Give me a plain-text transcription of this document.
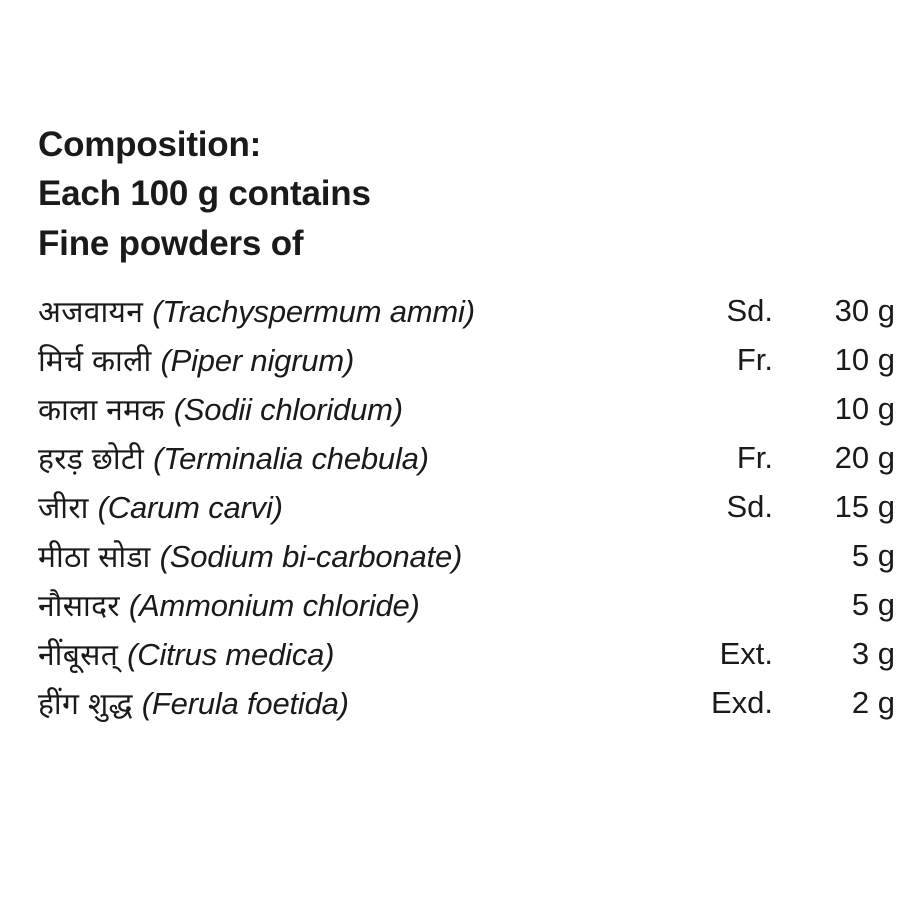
Composition:
Each 100 g contains
Fine powders of
अजवायन (Trachyspermum ammi)	Sd.	30 g
मिर्च काली (Piper nigrum)	Fr.	10 g
काला नमक (Sodii chloridum)		10 g
हरड़ छोटी (Terminalia chebula)	Fr.	20 g
जीरा (Carum carvi)	Sd.	15 g
मीठा सोडा (Sodium bi-carbonate)		5 g
नौसादर (Ammonium chloride)		5 g
नींबूसत् (Citrus medica)	Ext.	3 g
हींग शुद्ध (Ferula foetida)	Exd.	2 g
